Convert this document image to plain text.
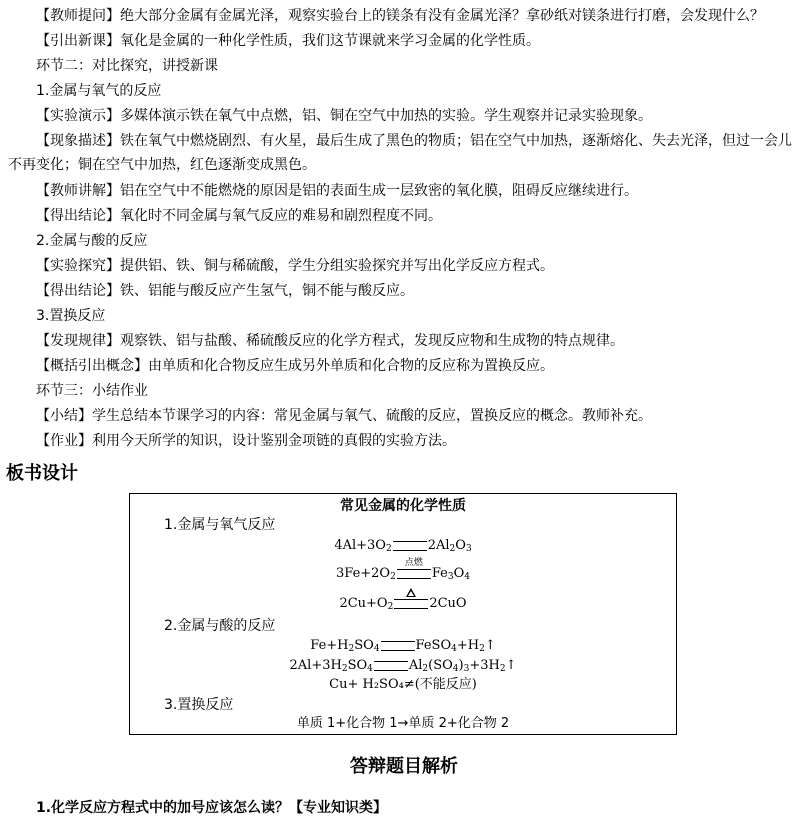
【教师提问】绝大部分金属有金属光泽，观察实验台上的镁条有没有金属光泽？拿砂纸对镁条进行打磨，会发现什么？
【引出新课】氧化是金属的一种化学性质，我们这节课就来学习金属的化学性质。
环节二：对比探究，讲授新课
1.金属与氧气的反应
【实验演示】多媒体演示铁在氧气中点燃，铝、铜在空气中加热的实验。学生观察并记录实验现象。
【现象描述】铁在氧气中燃烧剧烈、有火星，最后生成了黑色的物质；铝在空气中加热，逐渐熔化、失去光泽，但过一会儿
不再变化；铜在空气中加热，红色逐渐变成黑色。
【教师讲解】铝在空气中不能燃烧的原因是铝的表面生成一层致密的氧化膜，阻碍反应继续进行。
【得出结论】氧化时不同金属与氧气反应的难易和剧烈程度不同。
2.金属与酸的反应
【实验探究】提供铝、铁、铜与稀硫酸，学生分组实验探究并写出化学反应方程式。
【得出结论】铁、铝能与酸反应产生氢气，铜不能与酸反应。
3.置换反应
【发现规律】观察铁、铝与盐酸、稀硫酸反应的化学方程式，发现反应物和生成物的特点规律。
【概括引出概念】由单质和化合物反应生成另外单质和化合物的反应称为置换反应。
环节三：小结作业
【小结】学生总结本节课学习的内容：常见金属与氧气、硫酸的反应，置换反应的概念。教师补充。
【作业】利用今天所学的知识，设计鉴别金项链的真假的实验方法。
板书设计
常见金属的化学性质
1.金属与氧气反应
$4Al+3O_2$	$2Al_2O_3$
$3Fe+2O_2$
点燃
$Fe_3O_4$
$2Cu+O_2$	2CuO
2.金属与酸的反应
$Fe+H_2SO_4$	$FeSO_4+H_2↑$
$2Al+3H_2SO_4$	$Al_2(SO_4)_3+3H_2↑$
Cu+ H₂SO₄≠(不能反应)
3.置换反应
单质 1+化合物 1→单质 2+化合物 2
答辩题目解析
1.化学反应方程式中的加号应该怎么读？【专业知识类】
